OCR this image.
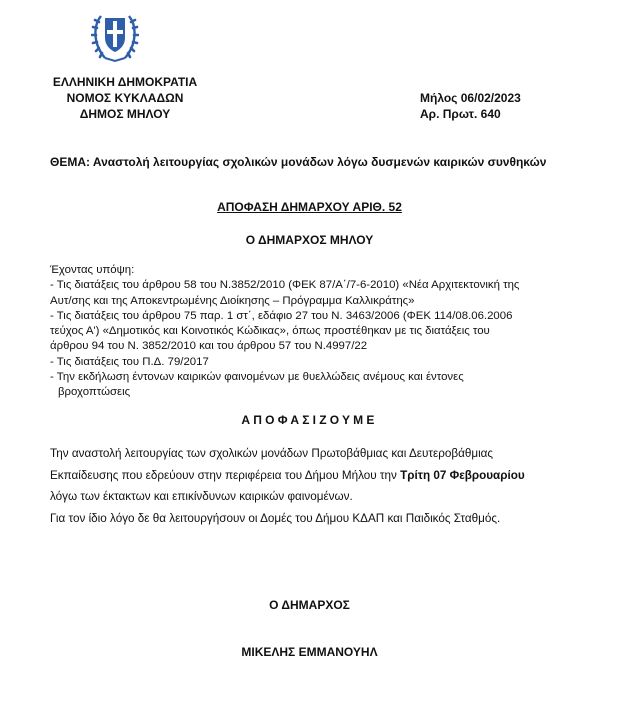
ΕΛΛΗΝΙΚΗ ΔΗΜΟΚΡΑΤΙΑ
ΝΟΜΟΣ ΚΥΚΛΑΔΩΝ
ΔΗΜΟΣ ΜΗΛΟΥ
Μήλος 06/02/2023
Αρ. Πρωτ. 640
ΘΕΜΑ: Αναστολή λειτουργίας σχολικών μονάδων λόγω δυσμενών καιρικών συνθηκών
ΑΠΟΦΑΣΗ ΔΗΜΑΡΧΟΥ ΑΡΙΘ. 52
Ο ΔΗΜΑΡΧΟΣ ΜΗΛΟΥ

Έχοντας υπόψη:

- Τις διατάξεις του άρθρου 58 του Ν.3852/2010 (ΦΕΚ 87/Α΄/7-6-2010) «Νέα Αρχιτεκτονική της

Αυτ/σης και της Αποκεντρωμένης Διοίκησης – Πρόγραμμα Καλλικράτης»

- Τις διατάξεις του άρθρου 75 παρ. 1 στ΄, εδάφιο 27 του Ν. 3463/2006 (ΦΕΚ 114/08.06.2006

τεύχος Α') «Δημοτικός και Κοινοτικός Κώδικας», όπως προστέθηκαν με τις διατάξεις του

άρθρου 94 του Ν. 3852/2010 και του άρθρου 57 του Ν.4997/22

- Τις διατάξεις του Π.Δ. 79/2017

- Την εκδήλωση έντονων καιρικών φαινομένων με θυελλώδεις ανέμους και έντονες

βροχοπτώσεις

ΑΠΟΦΑΣΙΖΟΥΜΕ

Την αναστολή λειτουργίας των σχολικών μονάδων Πρωτοβάθμιας και Δευτεροβάθμιας

Εκπαίδευσης που εδρεύουν στην περιφέρεια του Δήμου Μήλου την Τρίτη 07 Φεβρουαρίου

λόγω των έκτακτων και επικίνδυνων καιρικών φαινομένων.

Για τον ίδιο λόγο δε θα λειτουργήσουν οι Δομές του Δήμου ΚΔΑΠ και Παιδικός Σταθμός.

Ο ΔΗΜΑΡΧΟΣ
ΜΙΚΕΛΗΣ ΕΜΜΑΝΟΥΗΛ
